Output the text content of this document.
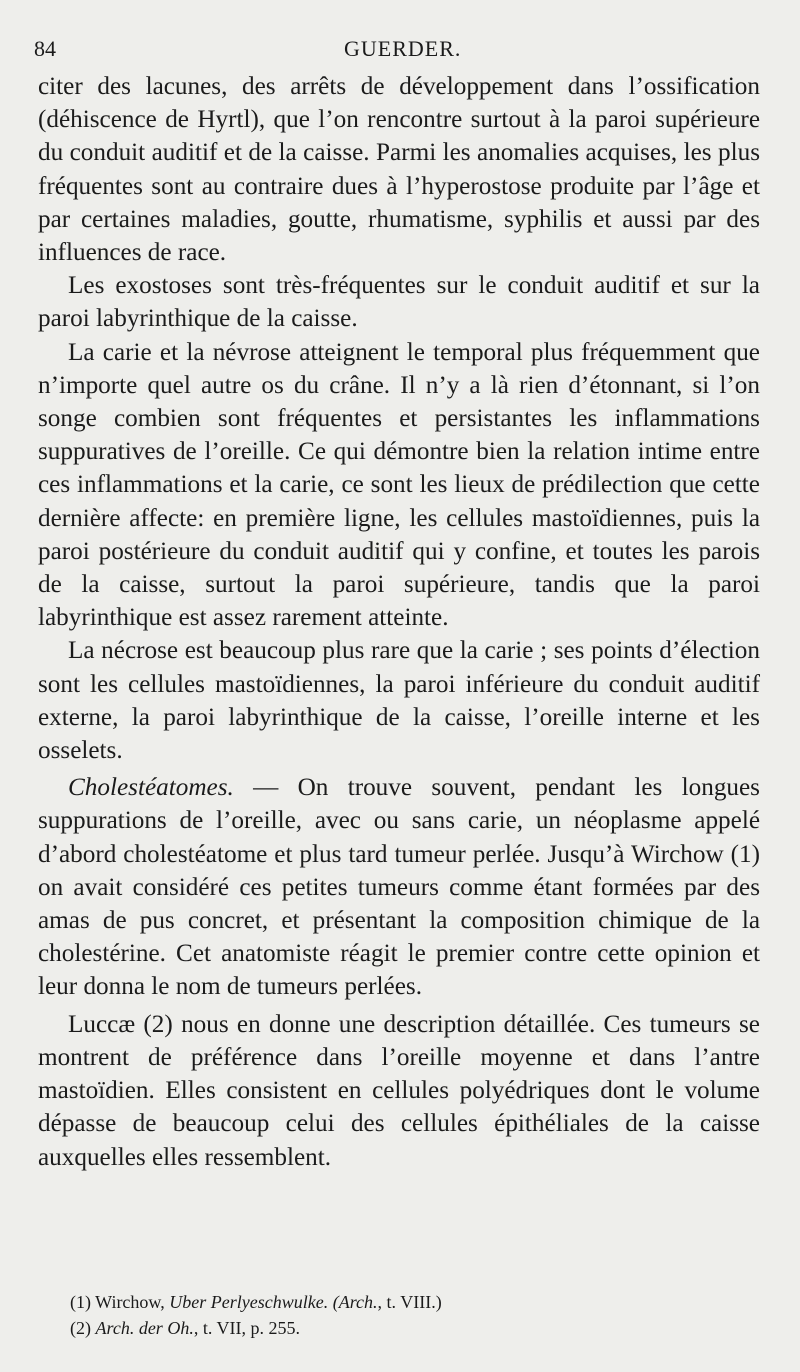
84	GUERDER.

citer des lacunes, des arrêts de développement dans l’ossification (déhiscence de Hyrtl), que l’on rencontre surtout à la paroi supérieure du conduit auditif et de la caisse. Parmi les anomalies acquises, les plus fréquentes sont au contraire dues à l’hyperostose produite par l’âge et par certaines maladies, goutte, rhumatisme, syphilis et aussi par des influences de race.

Les exostoses sont très-fréquentes sur le conduit auditif et sur la paroi labyrinthique de la caisse.

La carie et la névrose atteignent le temporal plus fréquemment que n’importe quel autre os du crâne. Il n’y a là rien d’étonnant, si l’on songe combien sont fréquentes et persistantes les inflammations suppuratives de l’oreille. Ce qui démontre bien la relation intime entre ces inflammations et la carie, ce sont les lieux de prédilection que cette dernière affecte: en première ligne, les cellules mastoïdiennes, puis la paroi postérieure du conduit auditif qui y confine, et toutes les parois de la caisse, surtout la paroi supérieure, tandis que la paroi labyrinthique est assez rarement atteinte.

La nécrose est beaucoup plus rare que la carie ; ses points d’élection sont les cellules mastoïdiennes, la paroi inférieure du conduit auditif externe, la paroi labyrinthique de la caisse, l’oreille interne et les osselets.

Cholestéatomes. — On trouve souvent, pendant les longues suppurations de l’oreille, avec ou sans carie, un néoplasme appelé d’abord cholestéatome et plus tard tumeur perlée. Jusqu’à Wirchow (1) on avait considéré ces petites tumeurs comme étant formées par des amas de pus concret, et présentant la composition chimique de la cholestérine. Cet anatomiste réagit le premier contre cette opinion et leur donna le nom de tumeurs perlées.

Luccæ (2) nous en donne une description détaillée. Ces tumeurs se montrent de préférence dans l’oreille moyenne et dans l’antre mastoïdien. Elles consistent en cellules polyédriques dont le volume dépasse de beaucoup celui des cellules épithéliales de la caisse auxquelles elles ressemblent.

(1) Wirchow, Uber Perlyeschwulke. (Arch., t. VIII.)
(2) Arch. der Oh., t. VII, p. 255.
